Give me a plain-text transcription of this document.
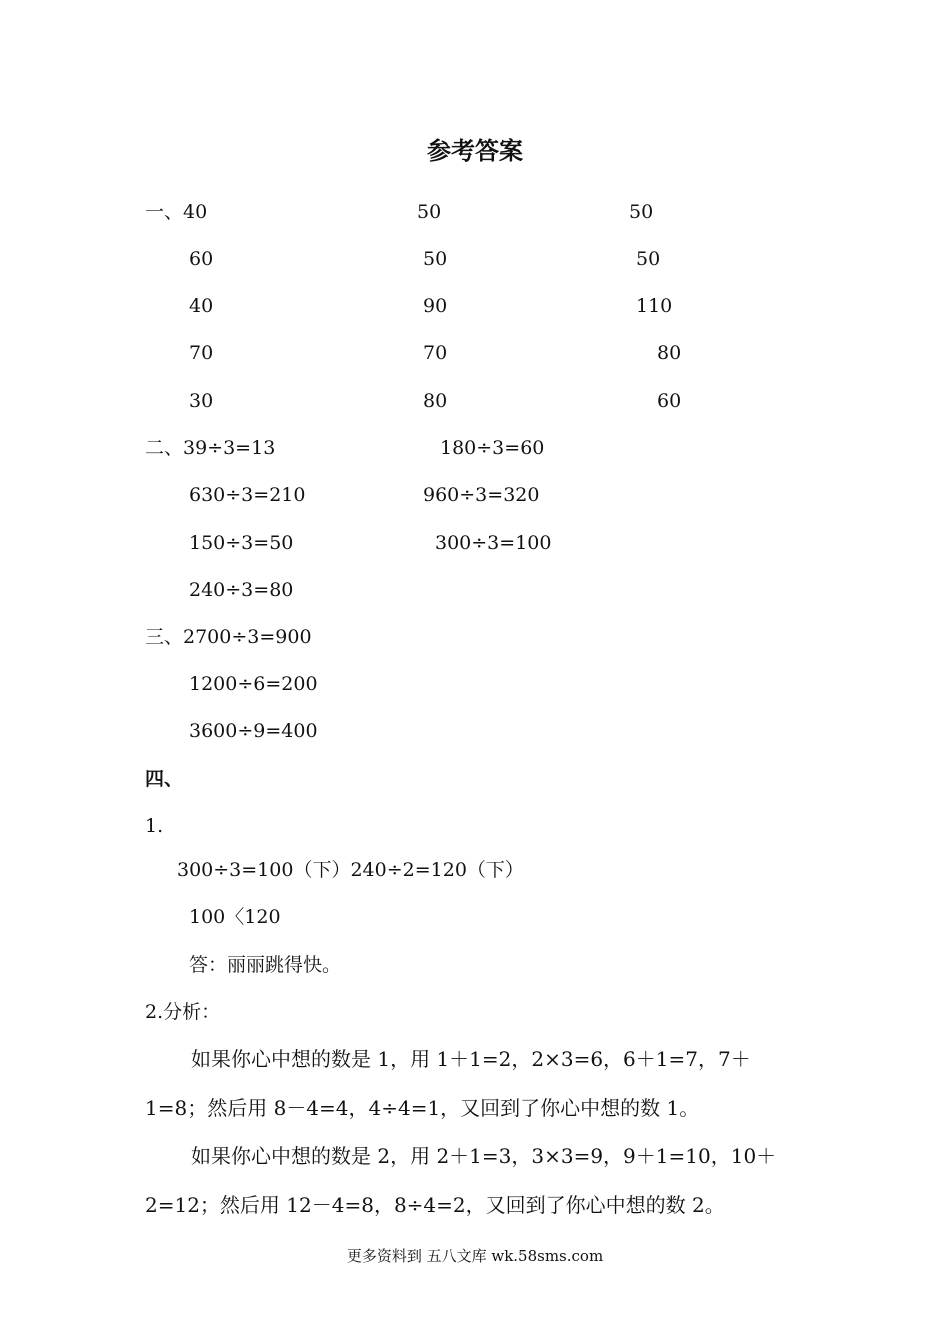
参考答案
一、 40	50	50
60	50	50
40	90	110
70	70	80
30	80	60
二、 39÷3=13	180÷3=60
630÷3=210	960÷3=320
150÷3=50	300÷3=100
240÷3=80
三、 2700÷3=900
1200÷6=200
3600÷9=400
四、
1.
300÷3=100（下）240÷2=120（下）
100〈120
答：丽丽跳得快。
2.分析：
如果你心中想的数是 1，用 1＋1=2，2×3=6，6＋1=7，7＋
1=8；然后用 8－4=4，4÷4=1，又回到了你心中想的数 1。
如果你心中想的数是 2，用 2＋1=3，3×3=9，9＋1=10，10＋
2=12；然后用 12－4=8，8÷4=2，又回到了你心中想的数 2。
更多资料到 五八文库 wk.58sms.com
